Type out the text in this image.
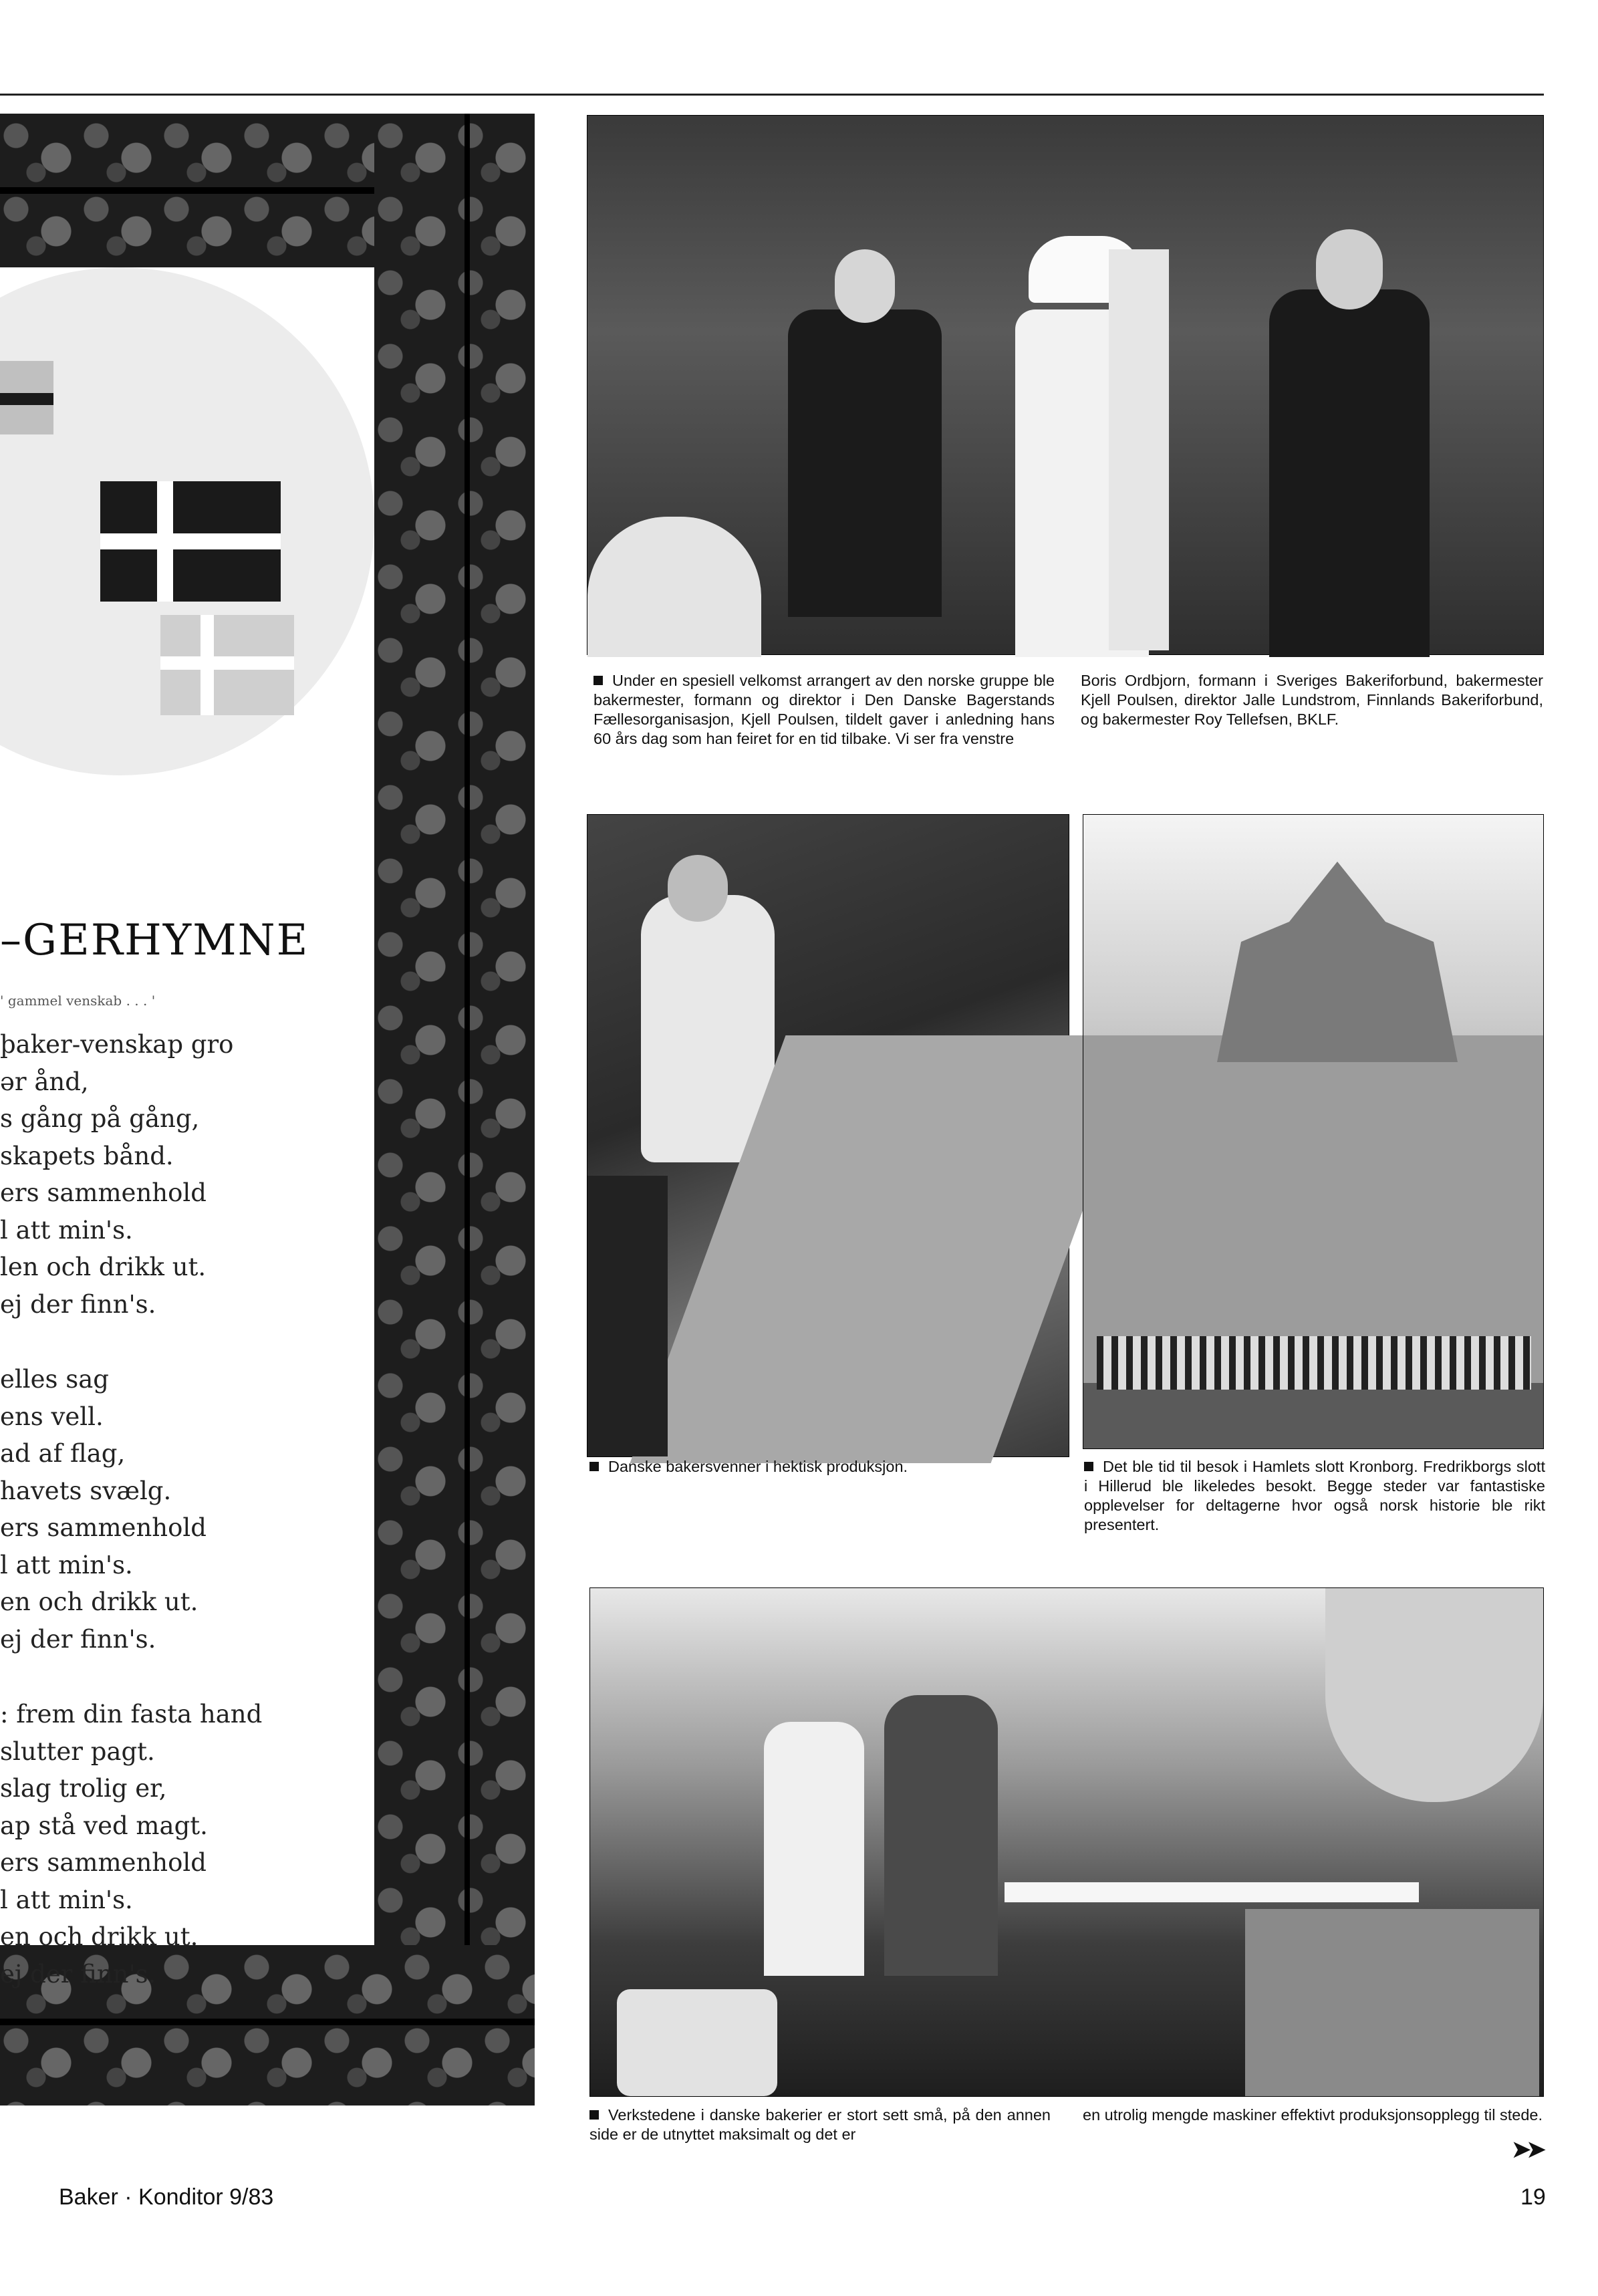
–GERHYMNE
' gammel venskab . . . '
þaker-venskap gro
ər ånd,
s gång på gång,
skapets bånd.
ers sammenhold
l att min's.
len och drikk ut.
ej der finn's.
elles sag
ens vell.
ad af flag,
havets svælg.
ers sammenhold
l att min's.
en och drikk ut.
ej der finn's.
: frem din fasta hand
slutter pagt.
slag trolig er,
ap stå ved magt.
ers sammenhold
l att min's.
en och drikk ut.
ej der finn's.
Under en spesiell velkomst arrangert av den norske gruppe ble bakermester, formann og direktor i Den Danske Bagerstands Fællesorganisasjon, Kjell Poulsen, tildelt gaver i anledning hans 60 års dag som han feiret for en tid tilbake. Vi ser fra venstre
Boris Ordbjorn, formann i Sveriges Bakeriforbund, bakermester Kjell Poulsen, direktor Jalle Lundstrom, Finnlands Bakeriforbund, og bakermester Roy Tellefsen, BKLF.
Danske bakersvenner i hektisk produksjon.	Det ble tid til besok i Hamlets slott Kronborg. Fredrikborgs slott i Hillerud ble likeledes besokt. Begge steder var fantastiske opplevelser for deltagerne hvor også norsk historie ble rikt presentert.
Verkstedene i danske bakerier er stort sett små, på den annen side er de utnyttet maksimalt og det er
en utrolig mengde maskiner effektivt produksjonsopplegg til stede.
➤➤
Baker · Konditor 9/83	19
